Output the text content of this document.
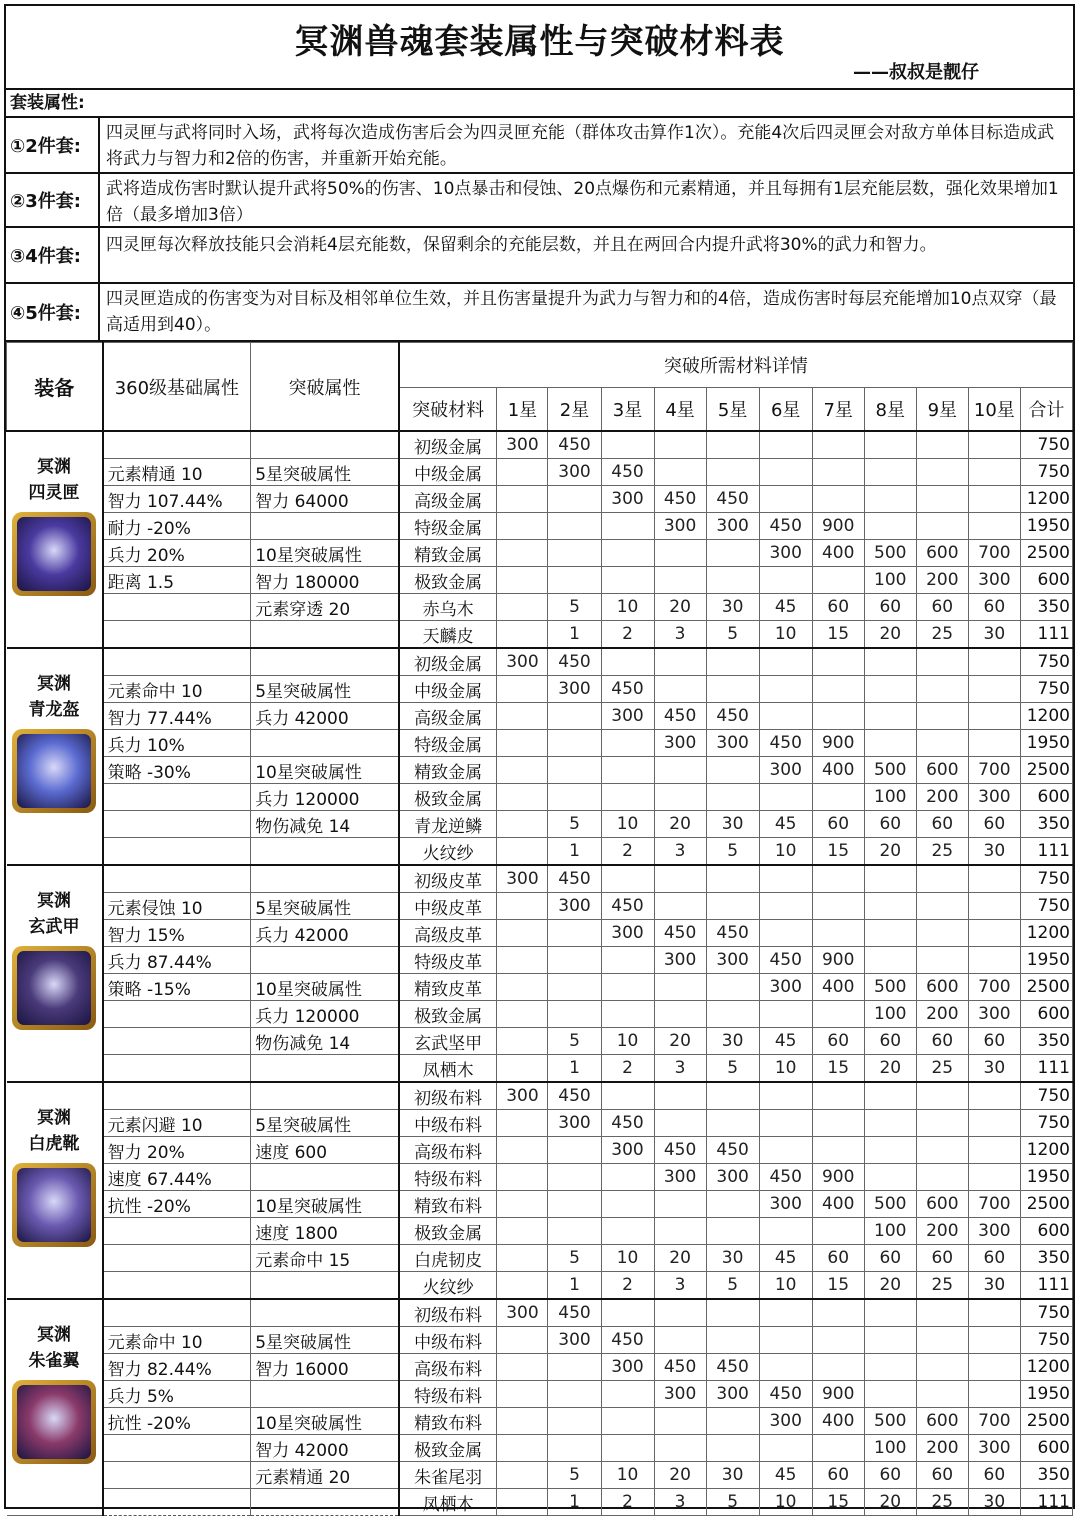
冥渊兽魂套装属性与突破材料表
——叔叔是靓仔
套装属性:
①2件套:
四灵匣与武将同时入场，武将每次造成伤害后会为四灵匣充能（群体攻击算作1次）。充能4次后四灵匣会对敌方单体目标造成武将武力与智力和2倍的伤害，并重新开始充能。
②3件套:
武将造成伤害时默认提升武将50%的伤害、10点暴击和侵蚀、20点爆伤和元素精通，并且每拥有1层充能层数，强化效果增加1倍（最多增加3倍）
③4件套:
四灵匣每次释放技能只会消耗4层充能数，保留剩余的充能层数，并且在两回合内提升武将30%的武力和智力。
④5件套:
四灵匣造成的伤害变为对目标及相邻单位生效，并且伤害量提升为武力与智力和的4倍，造成伤害时每层充能增加10点双穿（最高适用到40）。
装备	360级基础属性	突破属性	突破所需材料详情											
			突破材料	1星	2星	3星	4星	5星	6星	7星	8星	9星	10星	合计

冥渊
四灵匣			初级金属	300	450									750
	元素精通 10	5星突破属性	中级金属		300	450								750
	智力 107.44%	智力 64000	高级金属			300	450	450						1200
	耐力 -20%		特级金属				300	300	450	900				1950
	兵力 20%	10星突破属性	精致金属						300	400	500	600	700	2500
	距离 1.5	智力 180000	极致金属								100	200	300	600
		元素穿透 20	赤乌木		5	10	20	30	45	60	60	60	60	350
			天麟皮		1	2	3	5	10	15	20	25	30	111

冥渊
青龙盔			初级金属	300	450									750
	元素命中 10	5星突破属性	中级金属		300	450								750
	智力 77.44%	兵力 42000	高级金属			300	450	450						1200
	兵力 10%		特级金属				300	300	450	900				1950
	策略 -30%	10星突破属性	精致金属						300	400	500	600	700	2500
		兵力 120000	极致金属								100	200	300	600
		物伤减免 14	青龙逆鳞		5	10	20	30	45	60	60	60	60	350
			火纹纱		1	2	3	5	10	15	20	25	30	111

冥渊
玄武甲			初级皮革	300	450									750
	元素侵蚀 10	5星突破属性	中级皮革		300	450								750
	智力 15%	兵力 42000	高级皮革			300	450	450						1200
	兵力 87.44%		特级皮革				300	300	450	900				1950
	策略 -15%	10星突破属性	精致皮革						300	400	500	600	700	2500
		兵力 120000	极致金属								100	200	300	600
		物伤减免 14	玄武坚甲		5	10	20	30	45	60	60	60	60	350
			凤栖木		1	2	3	5	10	15	20	25	30	111

冥渊
白虎靴			初级布料	300	450									750
	元素闪避 10	5星突破属性	中级布料		300	450								750
	智力 20%	速度 600	高级布料			300	450	450						1200
	速度 67.44%		特级布料				300	300	450	900				1950
	抗性 -20%	10星突破属性	精致布料						300	400	500	600	700	2500
		速度 1800	极致金属								100	200	300	600
		元素命中 15	白虎韧皮		5	10	20	30	45	60	60	60	60	350
			火纹纱		1	2	3	5	10	15	20	25	30	111

冥渊
朱雀翼			初级布料	300	450									750
	元素命中 10	5星突破属性	中级布料		300	450								750
	智力 82.44%	智力 16000	高级布料			300	450	450						1200
	兵力 5%		特级布料				300	300	450	900				1950
	抗性 -20%	10星突破属性	精致布料						300	400	500	600	700	2500
		智力 42000	极致金属								100	200	300	600
		元素精通 20	朱雀尾羽		5	10	20	30	45	60	60	60	60	350
			凤栖木		1	2	3	5	10	15	20	25	30	111
